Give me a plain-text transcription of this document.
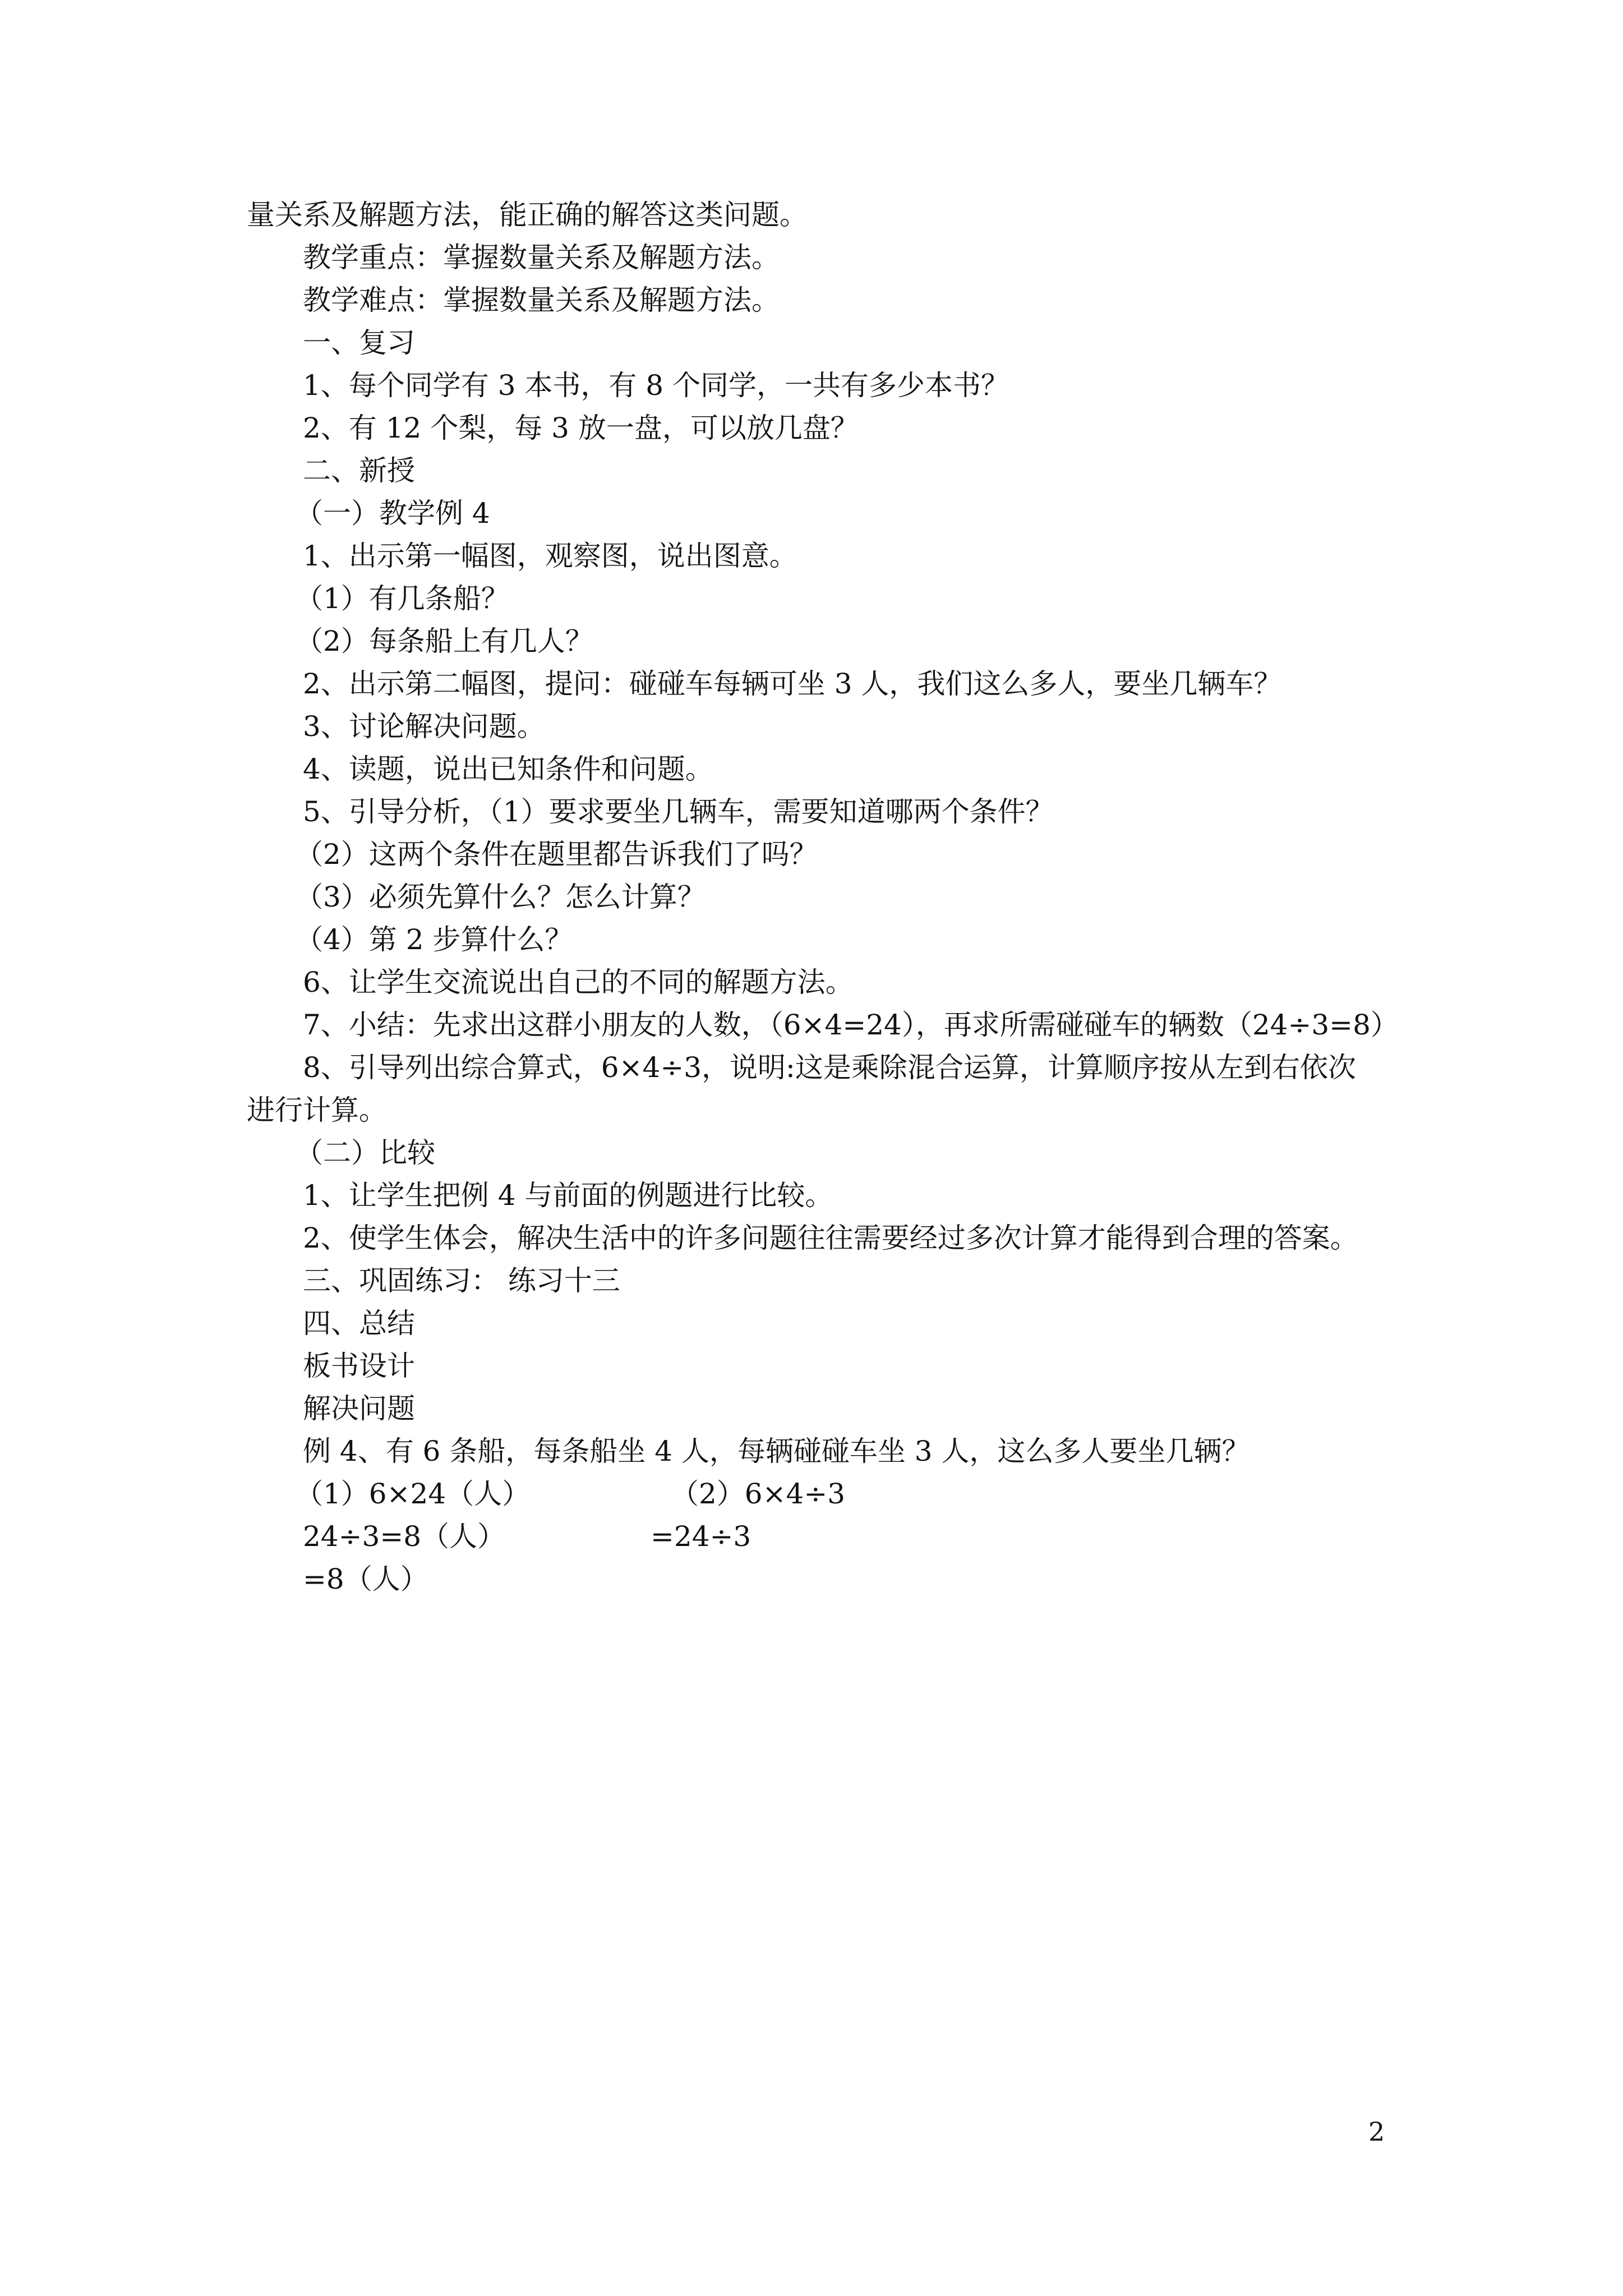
量关系及解题方法，能正确的解答这类问题。
教学重点：掌握数量关系及解题方法。
教学难点：掌握数量关系及解题方法。
一、复习
1、每个同学有 3 本书，有 8 个同学，一共有多少本书？
2、有 12 个梨，每 3 放一盘，可以放几盘？
二、新授
（一）教学例 4
1、出示第一幅图，观察图，说出图意。
（1）有几条船？
（2）每条船上有几人？
2、出示第二幅图，提问：碰碰车每辆可坐 3 人，我们这么多人，要坐几辆车？
3、讨论解决问题。
4、读题，说出已知条件和问题。
5、引导分析，（1）要求要坐几辆车，需要知道哪两个条件？
（2）这两个条件在题里都告诉我们了吗？
（3）必须先算什么？怎么计算？
（4）第 2 步算什么？
6、让学生交流说出自己的不同的解题方法。
7、小结：先求出这群小朋友的人数，（6×4=24），再求所需碰碰车的辆数（24÷3=8）
8、引导列出综合算式，6×4÷3，说明:这是乘除混合运算，计算顺序按从左到右依次
进行计算。
（二）比较
1、让学生把例 4 与前面的例题进行比较。
2、使学生体会，解决生活中的许多问题往往需要经过多次计算才能得到合理的答案。
三、巩固练习： 练习十三
四、总结
板书设计
解决问题
例 4、有 6 条船，每条船坐 4 人，每辆碰碰车坐 3 人，这么多人要坐几辆？
（1）6×24（人）	（2）6×4÷3
24÷3=8（人）	=24÷3
=8（人）
2
